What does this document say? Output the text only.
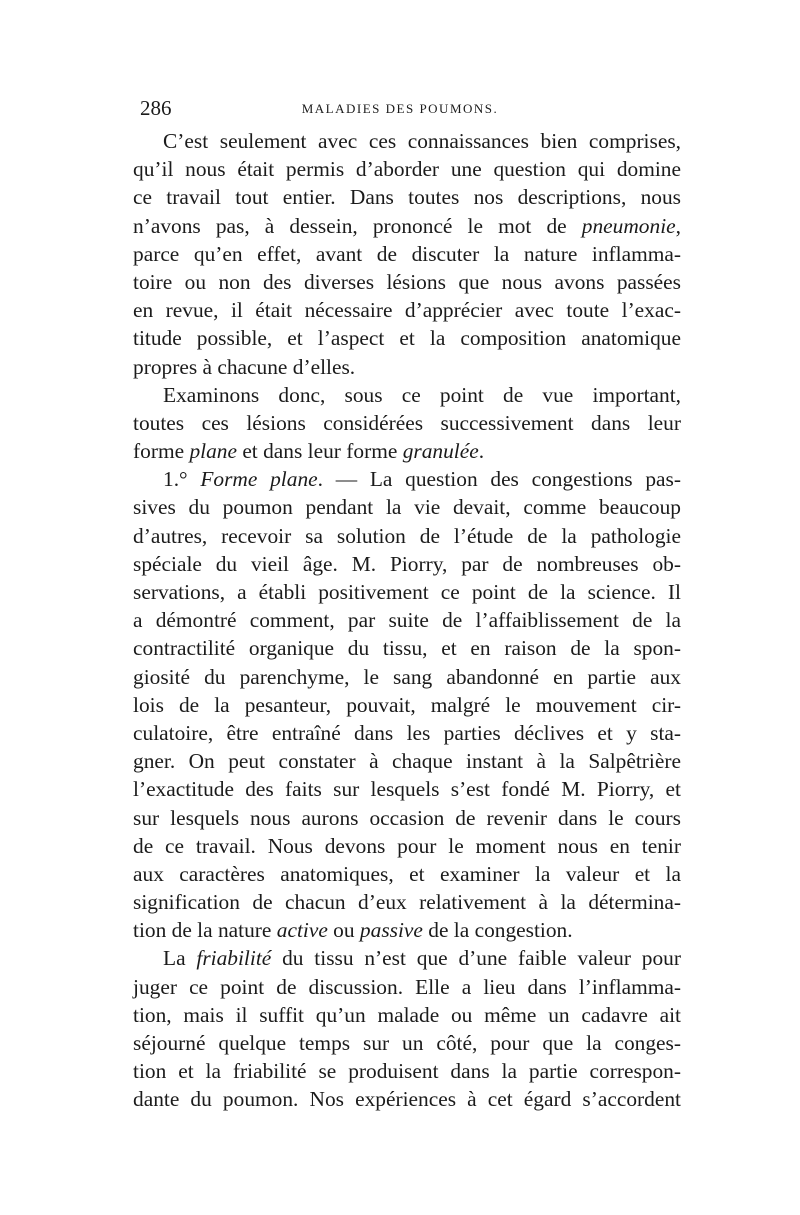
286	MALADIES DES POUMONS.
C’est seulement avec ces connaissances bien comprises,
qu’il nous était permis d’aborder une question qui domine
ce travail tout entier. Dans toutes nos descriptions, nous
n’avons pas, à dessein, prononcé le mot de pneumonie,
parce qu’en effet, avant de discuter la nature inflamma-
toire ou non des diverses lésions que nous avons passées
en revue, il était nécessaire d’apprécier avec toute l’exac-
titude possible, et l’aspect et la composition anatomique
propres à chacune d’elles.
Examinons donc, sous ce point de vue important,
toutes ces lésions considérées successivement dans leur
forme plane et dans leur forme granulée.
1.° Forme plane. — La question des congestions pas-
sives du poumon pendant la vie devait, comme beaucoup
d’autres, recevoir sa solution de l’étude de la pathologie
spéciale du vieil âge. M. Piorry, par de nombreuses ob-
servations, a établi positivement ce point de la science. Il
a démontré comment, par suite de l’affaiblissement de la
contractilité organique du tissu, et en raison de la spon-
giosité du parenchyme, le sang abandonné en partie aux
lois de la pesanteur, pouvait, malgré le mouvement cir-
culatoire, être entraîné dans les parties déclives et y sta-
gner. On peut constater à chaque instant à la Salpêtrière
l’exactitude des faits sur lesquels s’est fondé M. Piorry, et
sur lesquels nous aurons occasion de revenir dans le cours
de ce travail. Nous devons pour le moment nous en tenir
aux caractères anatomiques, et examiner la valeur et la
signification de chacun d’eux relativement à la détermina-
tion de la nature active ou passive de la congestion.
La friabilité du tissu n’est que d’une faible valeur pour
juger ce point de discussion. Elle a lieu dans l’inflamma-
tion, mais il suffit qu’un malade ou même un cadavre ait
séjourné quelque temps sur un côté, pour que la conges-
tion et la friabilité se produisent dans la partie correspon-
dante du poumon. Nos expériences à cet égard s’accordent
